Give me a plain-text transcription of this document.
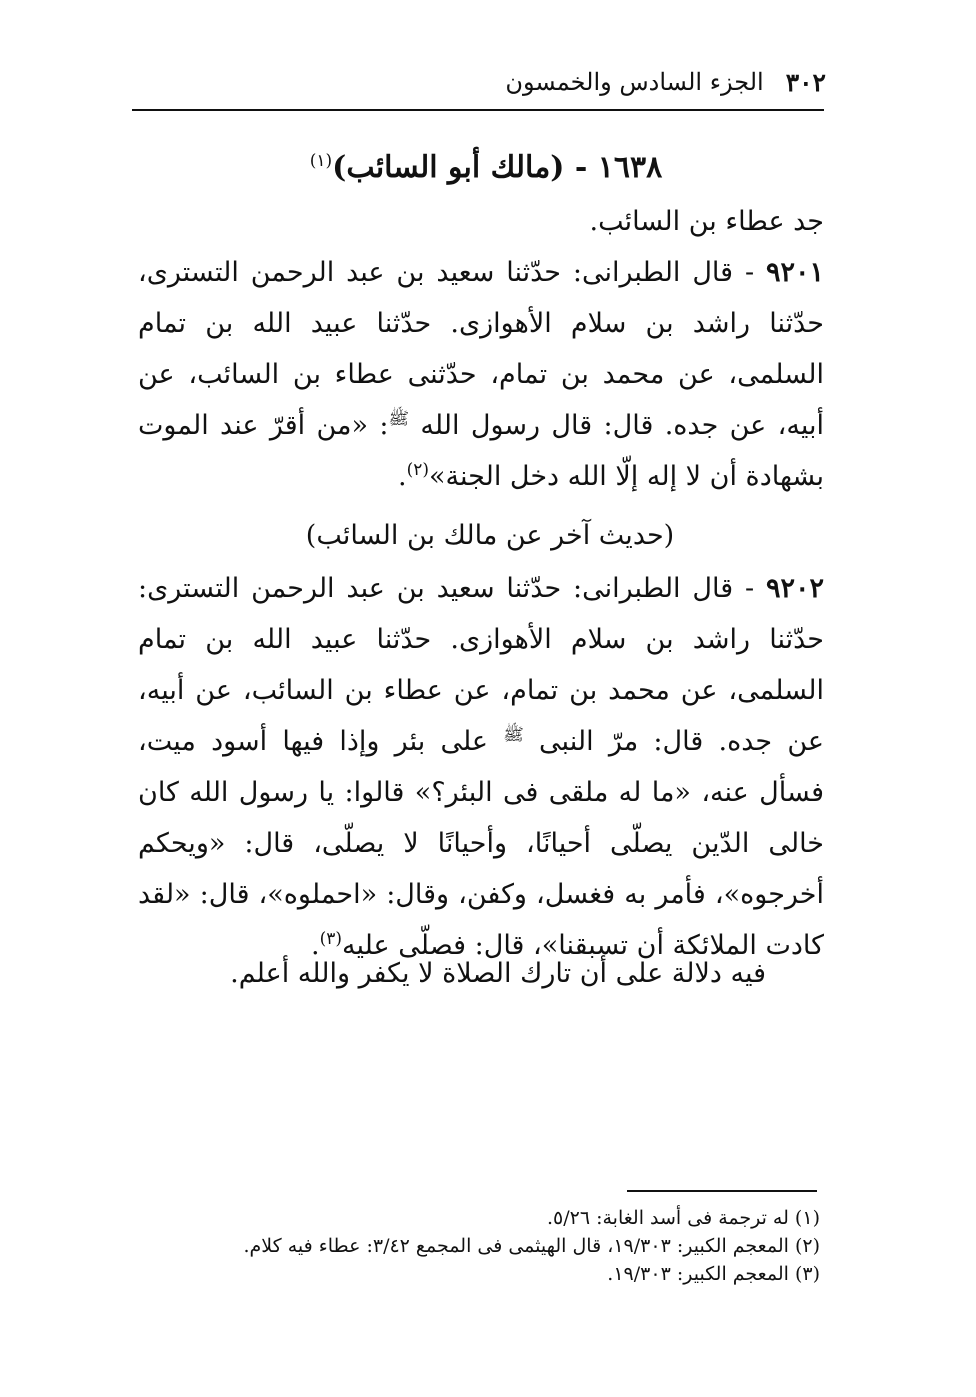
٣٠٢
الجزء السادس والخمسون
١٦٣٨ - (مالك أبو السائب)$^{(١)}$

جد عطاء بن السائب.

٩٢٠١ - قال الطبرانى: حدّثنا سعيد بن عبد الرحمن التسترى، حدّثنا راشد بن سلام الأهوازى. حدّثنا عبيد الله بن تمام السلمى، عن محمد بن تمام، حدّثنى عطاء بن السائب، عن أبيه، عن جده. قال: قال رسول الله $^ﷺ$: «من أقرّ عند الموت بشهادة أن لا إله إلّا الله دخل الجنة»$^{(٢)}$.

(حديث آخر عن مالك بن السائب)

٩٢٠٢ - قال الطبرانى: حدّثنا سعيد بن عبد الرحمن التسترى: حدّثنا راشد بن سلام الأهوازى. حدّثنا عبيد الله بن تمام السلمى، عن محمد بن تمام، عن عطاء بن السائب، عن أبيه، عن جده. قال: مرّ النبى $^ﷺ$ على بئر وإذا فيها أسود ميت، فسأل عنه، «ما له ملقى فى البئر؟» قالوا: يا رسول الله كان خالى الدّين يصلّى أحيانًا، وأحيانًا لا يصلّى، قال: «ويحكم أخرجوه»، فأمر به فغسل، وكفن، وقال: «احملوه»، قال: «لقد كادت الملائكة أن تسبقنا»، قال: فصلّى عليه$^{(٣)}$.

فيه دلالة على أن تارك الصلاة لا يكفر والله أعلم.

(١) له ترجمة فى أسد الغابة: ٥/٢٦.

(٢) المعجم الكبير: ١٩/٣٠٣، قال الهيثمى فى المجمع ٣/٤٢: عطاء فيه كلام.

(٣) المعجم الكبير: ١٩/٣٠٣.
